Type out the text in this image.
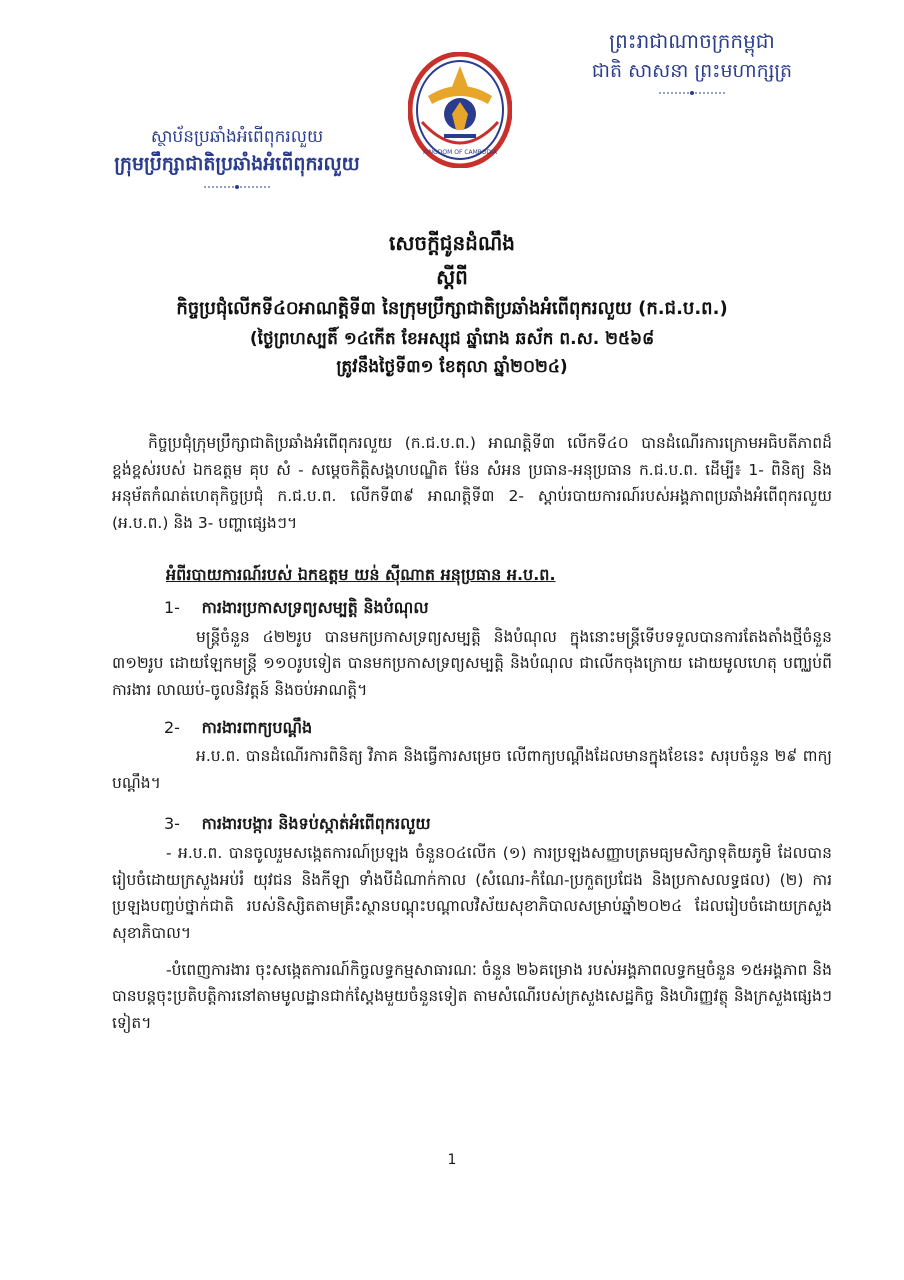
ព្រះរាជាណាចក្រកម្ពុជា
ជាតិ សាសនា ព្រះមហាក្សត្រ
KINGDOM OF CAMBODIA
ស្ថាប័នប្រឆាំងអំពើពុករលួយ
ក្រុមប្រឹក្សាជាតិប្រឆាំងអំពើពុករលួយ
សេចក្ដីជូនដំណឹង
ស្ដីពី
កិច្ចប្រជុំលើកទី៤០អាណត្តិទី៣ នៃក្រុមប្រឹក្សាជាតិប្រឆាំងអំពើពុករលួយ (ក.ជ.ប.ព.)
(ថ្ងៃព្រហស្បតិ៍ ១៤កើត ខែអស្សុជ ឆ្នាំរោង ឆស័ក ព.ស. ២៥៦៨
ត្រូវនឹងថ្ងៃទី៣១ ខែតុលា ឆ្នាំ២០២៤)

កិច្ចប្រជុំក្រុមប្រឹក្សាជាតិប្រឆាំងអំពើពុករលួយ (ក.ជ.ប.ព.) អាណត្តិទី៣ លើកទី៤០ បានដំណើរការក្រោមអធិបតីភាពដ៏ខ្ពង់ខ្ពស់របស់ ឯកឧត្តម គុប សំ - សម្ដេចកិត្តិសង្គហបណ្ឌិត ម៉ែន សំអន ប្រធាន-អនុប្រធាន ក.ជ.ប.ព. ដើម្បី៖ 1- ពិនិត្យ និងអនុម័តកំណត់ហេតុកិច្ចប្រជុំ ក.ជ.ប.ព. លើកទី៣៩ អាណត្តិទី៣ 2- ស្ដាប់របាយការណ៍របស់អង្គភាពប្រឆាំងអំពើពុករលួយ (អ.ប.ព.) និង 3- បញ្ហាផ្សេងៗ។

អំពីរបាយការណ៍របស់ ឯកឧត្តម យន់ ស៊ីណាត អនុប្រធាន អ.ប.ព.
1- ការងារប្រកាសទ្រព្យសម្បត្តិ និងបំណុល

មន្ត្រីចំនួន ៤២២រូប បានមកប្រកាសទ្រព្យសម្បត្តិ និងបំណុល ក្នុងនោះមន្ត្រីទើបទទួលបានការតែងតាំងថ្មីចំនួន ៣១២រូប ដោយឡែកមន្ត្រី ១១០រូបទៀត បានមកប្រកាសទ្រព្យសម្បត្តិ និងបំណុល ជាលើកចុងក្រោយ ដោយមូលហេតុ បញ្ឈប់ពីការងារ លាឈប់-ចូលនិវត្តន៍ និងចប់អាណត្តិ។

2- ការងារពាក្យបណ្ដឹង

អ.ប.ព. បានដំណើរការពិនិត្យ វិភាគ និងធ្វើការសម្រេច លើពាក្យបណ្ដឹងដែលមានក្នុងខែនេះ សរុបចំនួន ២៩ ពាក្យបណ្ដឹង។

3- ការងារបង្ការ និងទប់ស្កាត់អំពើពុករលួយ

- អ.ប.ព. បានចូលរួមសង្កេតការណ៍ប្រឡង ចំនួន០៤លើក (១) ការប្រឡងសញ្ញាបត្រមធ្យមសិក្សាទុតិយភូមិ ដែលបានរៀបចំដោយក្រសួងអប់រំ យុវជន និងកីឡា ទាំងបីដំណាក់កាល (សំណេរ-កំណែ-ប្រកួតប្រជែង និងប្រកាសលទ្ធផល) (២) ការប្រឡងបញ្ចប់ថ្នាក់ជាតិ របស់និស្សិតតាមគ្រឹះស្ថានបណ្ដុះបណ្ដាលវិស័យសុខាភិបាលសម្រាប់ឆ្នាំ២០២៤ ដែលរៀបចំដោយក្រសួងសុខាភិបាល។

-បំពេញការងារ ចុះសង្កេតការណ៍កិច្ចលទ្ធកម្មសាធារណៈ ចំនួន ២៦គម្រោង របស់អង្គភាពលទ្ធកម្មចំនួន ១៥អង្គភាព និងបានបន្តចុះប្រតិបត្តិការនៅតាមមូលដ្ឋានជាក់ស្ដែងមួយចំនួនទៀត តាមសំណើរបស់ក្រសួងសេដ្ឋកិច្ច និងហិរញ្ញវត្ថុ និងក្រសួងផ្សេងៗទៀត។

1
